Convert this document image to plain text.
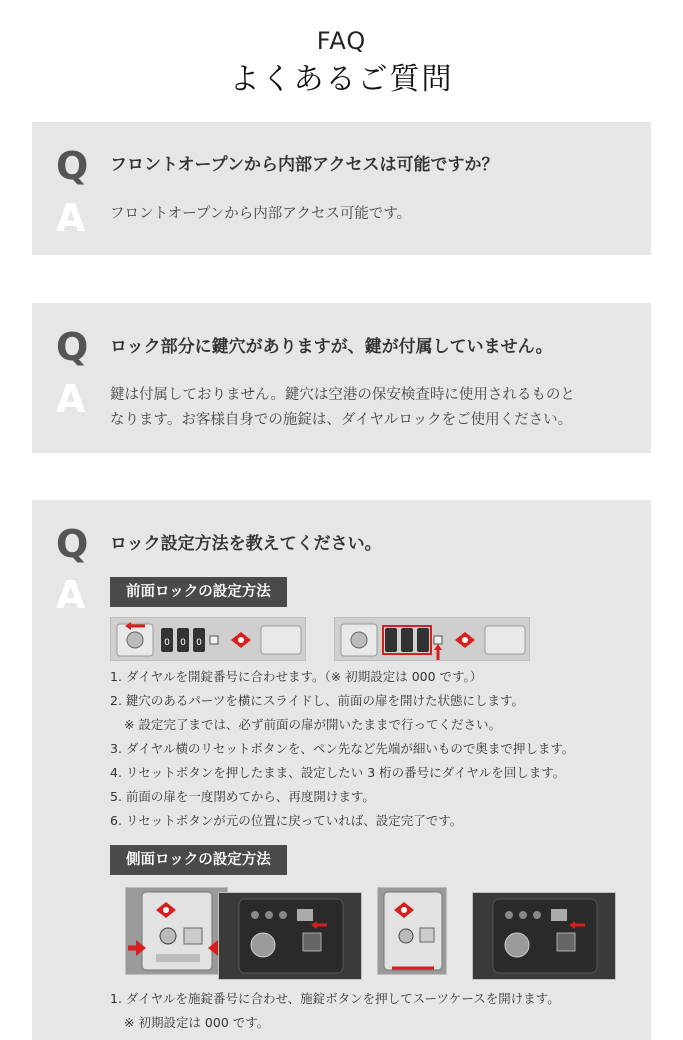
FAQ
よくあるご質問
Q フロントオープンから内部アクセスは可能ですか？
A フロントオープンから内部アクセス可能です。
Q ロック部分に鍵穴がありますが、鍵が付属していません。
A 鍵は付属しておりません。鍵穴は空港の保安検査時に使用されるものと
なります。お客様自身での施錠は、ダイヤルロックをご使用ください。
Q ロック設定方法を教えてください。
A	前面ロックの設定方法
0 0 0
1. ダイヤルを開錠番号に合わせます。（※ 初期設定は 000 です。）
2. 鍵穴のあるパーツを横にスライドし、前面の扉を開けた状態にします。
※ 設定完了までは、必ず前面の扉が開いたままで行ってください。
3. ダイヤル横のリセットボタンを、ペン先など先端が細いもので奥まで押します。
4. リセットボタンを押したまま、設定したい 3 桁の番号にダイヤルを回します。
5. 前面の扉を一度閉めてから、再度開けます。
6. リセットボタンが元の位置に戻っていれば、設定完了です。
側面ロックの設定方法
1. ダイヤルを施錠番号に合わせ、施錠ボタンを押してスーツケースを開けます。
※ 初期設定は 000 です。
